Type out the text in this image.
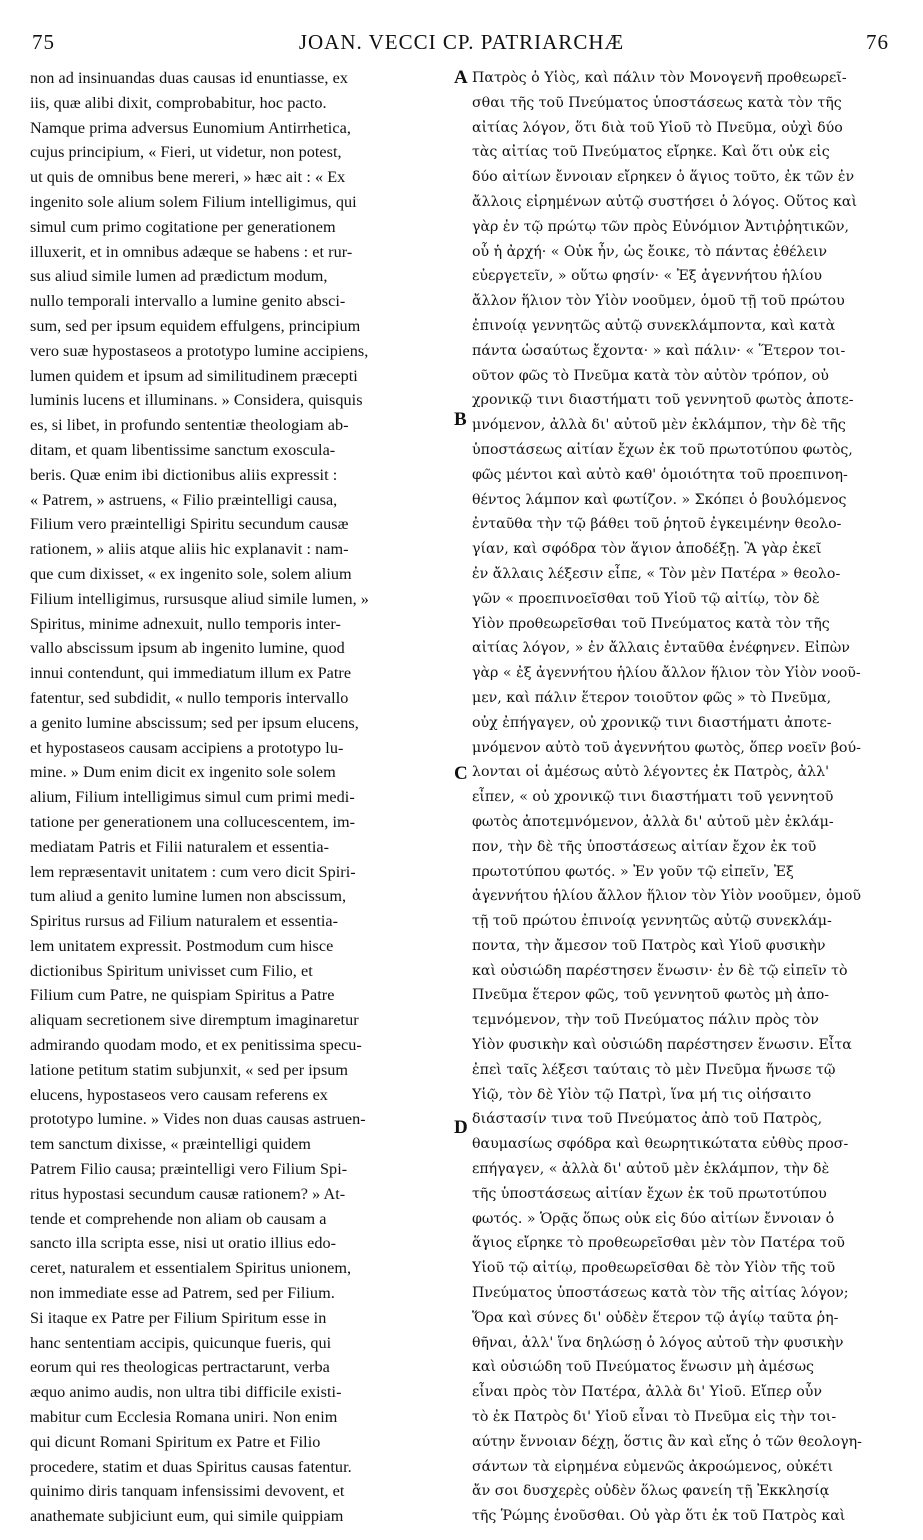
75	JOAN. VECCI CP. PATRIARCHÆ	76
non ad insinuandas duas causas id enuntiasse, ex
iis, quæ alibi dixit, comprobabitur, hoc pacto.
Namque prima adversus Eunomium Antirrhetica,
cujus principium, « Fieri, ut videtur, non potest,
ut quis de omnibus bene mereri, » hæc ait : « Ex
ingenito sole alium solem Filium intelligimus, qui
simul cum primo cogitatione per generationem
illuxerit, et in omnibus adæque se habens : et rur-
sus aliud simile lumen ad prædictum modum,
nullo temporali intervallo a lumine genito absci-
sum, sed per ipsum equidem effulgens, principium
vero suæ hypostaseos a prototypo lumine accipiens,
lumen quidem et ipsum ad similitudinem præcepti
luminis lucens et illuminans. » Considera, quisquis
es, si libet, in profundo sententiæ theologiam ab-
ditam, et quam libentissime sanctum exoscula-
beris. Quæ enim ibi dictionibus aliis expressit :
« Patrem, » astruens, « Filio præintelligi causa,
Filium vero præintelligi Spiritu secundum causæ
rationem, » aliis atque aliis hic explanavit : nam-
que cum dixisset, « ex ingenito sole, solem alium
Filium intelligimus, rursusque aliud simile lumen, »
Spiritus, minime adnexuit, nullo temporis inter-
vallo abscissum ipsum ab ingenito lumine, quod
innui contendunt, qui immediatum illum ex Patre
fatentur, sed subdidit, « nullo temporis intervallo
a genito lumine abscissum; sed per ipsum elucens,
et hypostaseos causam accipiens a prototypo lu-
mine. » Dum enim dicit ex ingenito sole solem
alium, Filium intelligimus simul cum primi medi-
tatione per generationem una collucescentem, im-
mediatam Patris et Filii naturalem et essentia-
lem repræsentavit unitatem : cum vero dicit Spiri-
tum aliud a genito lumine lumen non abscissum,
Spiritus rursus ad Filium naturalem et essentia-
lem unitatem expressit. Postmodum cum hisce
dictionibus Spiritum univisset cum Filio, et
Filium cum Patre, ne quispiam Spiritus a Patre
aliquam secretionem sive diremptum imaginaretur
admirando quodam modo, et ex penitissima specu-
latione petitum statim subjunxit, « sed per ipsum
elucens, hypostaseos vero causam referens ex
prototypo lumine. » Vides non duas causas astruen-
tem sanctum dixisse, « præintelligi quidem
Patrem Filio causa; præintelligi vero Filium Spi-
ritus hypostasi secundum causæ rationem? » At-
tende et comprehende non aliam ob causam a
sancto illa scripta esse, nisi ut oratio illius edo-
ceret, naturalem et essentialem Spiritus unionem,
non immediate esse ad Patrem, sed per Filium.
Si itaque ex Patre per Filium Spiritum esse in
hanc sententiam accipis, quicunque fueris, qui
eorum qui res theologicas pertractarunt, verba
æquo animo audis, non ultra tibi difficile existi-
mabitur cum Ecclesia Romana uniri. Non enim
qui dicunt Romani Spiritum ex Patre et Filio
procedere, statim et duas Spiritus causas fatentur.
quinimo diris tanquam infensissimi devovent, et
anathemate subjiciunt eum, qui simile quippiam
Πατρὸς ὁ Υἱὸς, καὶ πάλιν τὸν Μονογενῆ προθεωρεῖ-
σθαι τῆς τοῦ Πνεύματος ὑποστάσεως κατὰ τὸν τῆς
αἰτίας λόγον, ὅτι διὰ τοῦ Υἱοῦ τὸ Πνεῦμα, οὐχὶ δύο
τὰς αἰτίας τοῦ Πνεύματος εἴρηκε. Καὶ ὅτι οὐκ εἰς
δύο αἰτίων ἔννοιαν εἴρηκεν ὁ ἅγιος τοῦτο, ἐκ τῶν ἐν
ἄλλοις εἰρημένων αὐτῷ συστήσει ὁ λόγος. Οὕτος καὶ
γὰρ ἐν τῷ πρώτῳ τῶν πρὸς Εὐνόμιον Ἀντιῤῥητικῶν,
οὗ ἡ ἀρχή· « Οὐκ ἦν, ὡς ἔοικε, τὸ πάντας ἐθέλειν
εὐεργετεῖν, » οὕτω φησίν· « Ἐξ ἀγεννήτου ἡλίου
ἄλλον ἥλιον τὸν Υἱὸν νοοῦμεν, ὁμοῦ τῇ τοῦ πρώτου
ἐπινοίᾳ γεννητῶς αὐτῷ συνεκλάμποντα, καὶ κατὰ
πάντα ὡσαύτως ἔχοντα· » καὶ πάλιν· « Ἕτερον τοι-
οῦτον φῶς τὸ Πνεῦμα κατὰ τὸν αὐτὸν τρόπον, οὐ
χρονικῷ τινι διαστήματι τοῦ γεννητοῦ φωτὸς ἀποτε-
μνόμενον, ἀλλὰ δι' αὐτοῦ μὲν ἐκλάμπον, τὴν δὲ τῆς
ὑποστάσεως αἰτίαν ἔχων ἐκ τοῦ πρωτοτύπου φωτὸς,
φῶς μέντοι καὶ αὐτὸ καθ' ὁμοιότητα τοῦ προεπινοη-
θέντος λάμπον καὶ φωτίζον. » Σκόπει ὁ βουλόμενος
ἐνταῦθα τὴν τῷ βάθει τοῦ ῥητοῦ ἐγκειμένην θεολο-
γίαν, καὶ σφόδρα τὸν ἅγιον ἀποδέξῃ. Ἃ γὰρ ἐκεῖ
ἐν ἄλλαις λέξεσιν εἶπε, « Τὸν μὲν Πατέρα » θεολο-
γῶν « προεπινοεῖσθαι τοῦ Υἱοῦ τῷ αἰτίῳ, τὸν δὲ
Υἱὸν προθεωρεῖσθαι τοῦ Πνεύματος κατὰ τὸν τῆς
αἰτίας λόγον, » ἐν ἄλλαις ἐνταῦθα ἐνέφηνεν. Εἰπὼν
γὰρ « ἐξ ἀγεννήτου ἡλίου ἄλλον ἥλιον τὸν Υἱὸν νοοῦ-
μεν, καὶ πάλιν ἕτερον τοιοῦτον φῶς » τὸ Πνεῦμα,
οὐχ ἐπήγαγεν, οὐ χρονικῷ τινι διαστήματι ἀποτε-
μνόμενον αὐτὸ τοῦ ἀγεννήτου φωτὸς, ὅπερ νοεῖν βού-
λονται οἱ ἀμέσως αὐτὸ λέγοντες ἐκ Πατρὸς, ἀλλ'
εἶπεν, « οὐ χρονικῷ τινι διαστήματι τοῦ γεννητοῦ
φωτὸς ἀποτεμνόμενον, ἀλλὰ δι' αὐτοῦ μὲν ἐκλάμ-
πον, τὴν δὲ τῆς ὑποστάσεως αἰτίαν ἔχον ἐκ τοῦ
πρωτοτύπου φωτός. » Ἐν γοῦν τῷ εἰπεῖν, Ἐξ
ἀγεννήτου ἡλίου ἄλλον ἥλιον τὸν Υἱὸν νοοῦμεν, ὁμοῦ
τῇ τοῦ πρώτου ἐπινοίᾳ γεννητῶς αὐτῷ συνεκλάμ-
ποντα, τὴν ἄμεσον τοῦ Πατρὸς καὶ Υἱοῦ φυσικὴν
καὶ οὐσιώδη παρέστησεν ἕνωσιν· ἐν δὲ τῷ εἰπεῖν τὸ
Πνεῦμα ἕτερον φῶς, τοῦ γεννητοῦ φωτὸς μὴ ἀπο-
τεμνόμενον, τὴν τοῦ Πνεύματος πάλιν πρὸς τὸν
Υἱὸν φυσικὴν καὶ οὐσιώδη παρέστησεν ἕνωσιν. Εἶτα
ἐπεὶ ταῖς λέξεσι ταύταις τὸ μὲν Πνεῦμα ἥνωσε τῷ
Υἱῷ, τὸν δὲ Υἱὸν τῷ Πατρὶ, ἵνα μή τις οἰήσαιτο
διάστασίν τινα τοῦ Πνεύματος ἀπὸ τοῦ Πατρὸς,
θαυμασίως σφόδρα καὶ θεωρητικώτατα εὐθὺς προσ-
επήγαγεν, « ἀλλὰ δι' αὐτοῦ μὲν ἐκλάμπον, τὴν δὲ
τῆς ὑποστάσεως αἰτίαν ἔχων ἐκ τοῦ πρωτοτύπου
φωτός. » Ὁρᾷς ὅπως οὐκ εἰς δύο αἰτίων ἔννοιαν ὁ
ἅγιος εἴρηκε τὸ προθεωρεῖσθαι μὲν τὸν Πατέρα τοῦ
Υἱοῦ τῷ αἰτίῳ, προθεωρεῖσθαι δὲ τὸν Υἱὸν τῆς τοῦ
Πνεύματος ὑποστάσεως κατὰ τὸν τῆς αἰτίας λόγον;
Ὅρα καὶ σύνες δι' οὐδὲν ἕτερον τῷ ἁγίῳ ταῦτα ῥη-
θῆναι, ἀλλ' ἵνα δηλώσῃ ὁ λόγος αὐτοῦ τὴν φυσικὴν
καὶ οὐσιώδη τοῦ Πνεύματος ἕνωσιν μὴ ἀμέσως
εἶναι πρὸς τὸν Πατέρα, ἀλλὰ δι' Υἱοῦ. Εἴπερ οὖν
τὸ ἐκ Πατρὸς δι' Υἱοῦ εἶναι τὸ Πνεῦμα εἰς τὴν τοι-
αύτην ἔννοιαν δέχῃ, ὅστις ἂν καὶ εἴης ὁ τῶν θεολογη-
σάντων τὰ εἰρημένα εὐμενῶς ἀκροώμενος, οὐκέτι
ἄν σοι δυσχερὲς οὐδὲν ὅλως φανείη τῇ Ἐκκλησίᾳ
τῆς Ῥώμης ἑνοῦσθαι. Οὐ γὰρ ὅτι ἐκ τοῦ Πατρὸς καὶ
A
B
C
D
